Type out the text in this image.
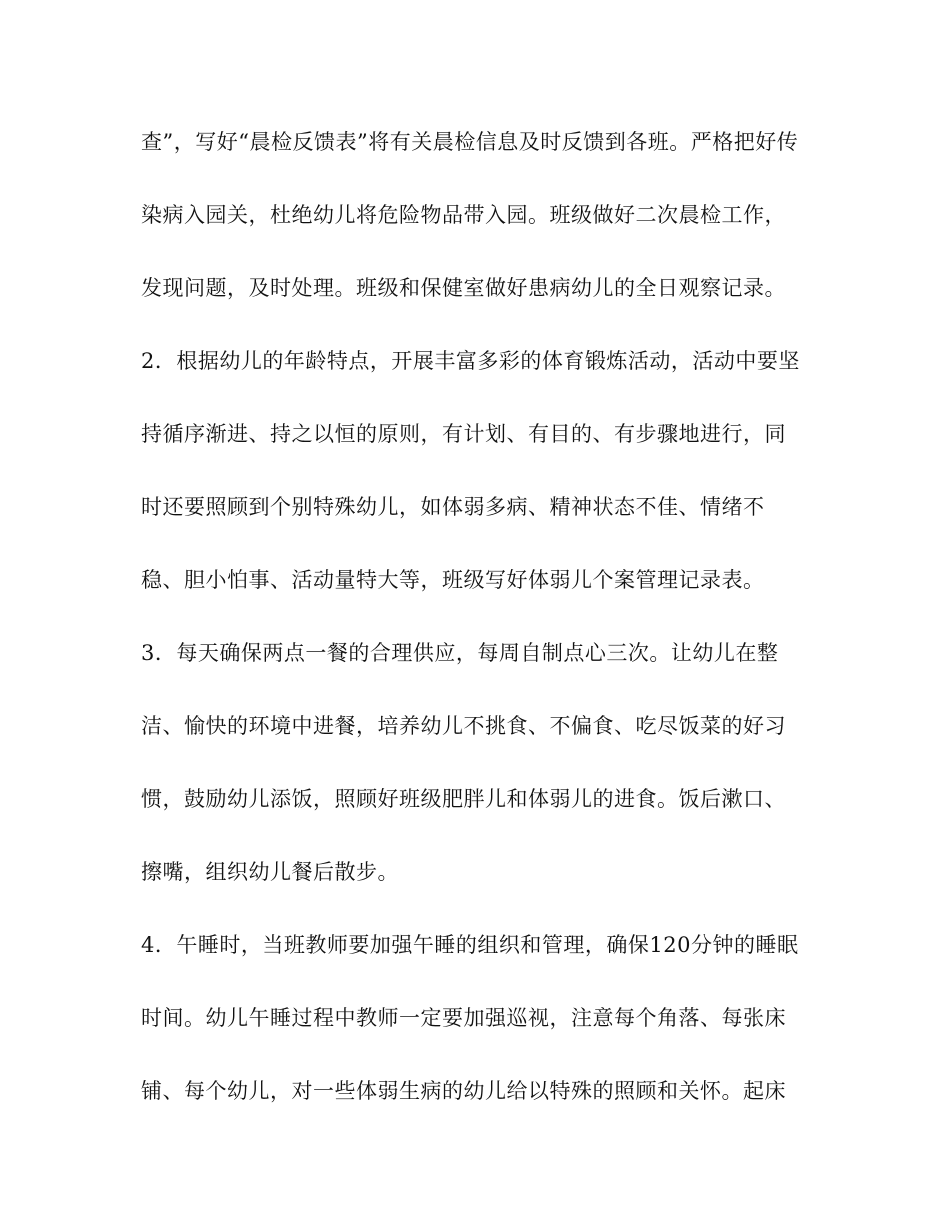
查”，写好“晨检反馈表”将有关晨检信息及时反馈到各班。严格把好传
染病入园关，杜绝幼儿将危险物品带入园。班级做好二次晨检工作，
发现问题，及时处理。班级和保健室做好患病幼儿的全日观察记录。
2．根据幼儿的年龄特点，开展丰富多彩的体育锻炼活动，活动中要坚
持循序渐进、持之以恒的原则，有计划、有目的、有步骤地进行，同
时还要照顾到个别特殊幼儿，如体弱多病、精神状态不佳、情绪不
稳、胆小怕事、活动量特大等，班级写好体弱儿个案管理记录表。
3．每天确保两点一餐的合理供应，每周自制点心三次。让幼儿在整
洁、愉快的环境中进餐，培养幼儿不挑食、不偏食、吃尽饭菜的好习
惯，鼓励幼儿添饭，照顾好班级肥胖儿和体弱儿的进食。饭后漱口、
擦嘴，组织幼儿餐后散步。
4．午睡时，当班教师要加强午睡的组织和管理，确保120分钟的睡眠
时间。幼儿午睡过程中教师一定要加强巡视，注意每个角落、每张床
铺、每个幼儿，对一些体弱生病的幼儿给以特殊的照顾和关怀。起床
